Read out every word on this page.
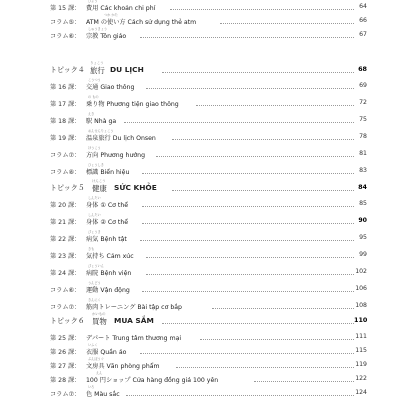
ひよう
第 15 課： 費用 Các khoản chi phí	64
つか かた
コラム⑤： ATM の使い方 Cách sử dụng thẻ atm	66
しゅうきょう
コラム⑥： 宗教 Tôn giáo	67
トピック４
りょこう
旅行 DU LỊCH	68
こうつう
第 16 課： 交通 Giao thông	69
の もの
第 17 課： 乗り物 Phương tiện giao thông	72
えき
第 18 課： 駅 Nhà ga	75
おんせんりょこう
第 19 課： 温泉旅行 Du lịch Onsen	78
ほうこう
コラム⑦： 方向 Phương hướng	81
ひょうしき
コラム⑧： 標識 Biển hiệu	83
トピック５
けんこう
健康 SỨC KHỎE	84
しんたい
第 20 課： 身体 ① Cơ thể	85
しんたい
第 21 課： 身体 ② Cơ thể	90
びょうき
第 22 課： 病気 Bệnh tật	95
きも
第 23 課： 気持ち Cảm xúc	99
びょういん
第 24 課： 病院 Bệnh viện	102
うんどう
コラム⑥： 運動 Vận động	106
きんにく
コラム⑦： 筋肉トレーニング Bài tập cơ bắp	108
トピック６
かいもの
買物 MUA SẮM	110
第 25 課： デパート Trung tâm thương mại	111
いふく
第 26 課： 衣服 Quần áo	115
ぶんぼうぐ
第 27 課： 文房具 Văn phòng phẩm	119
えん
第 28 課： 100 円ショップ Cửa hàng đồng giá 100 yên	122
いろ
コラム⑦： 色 Màu sắc	124
